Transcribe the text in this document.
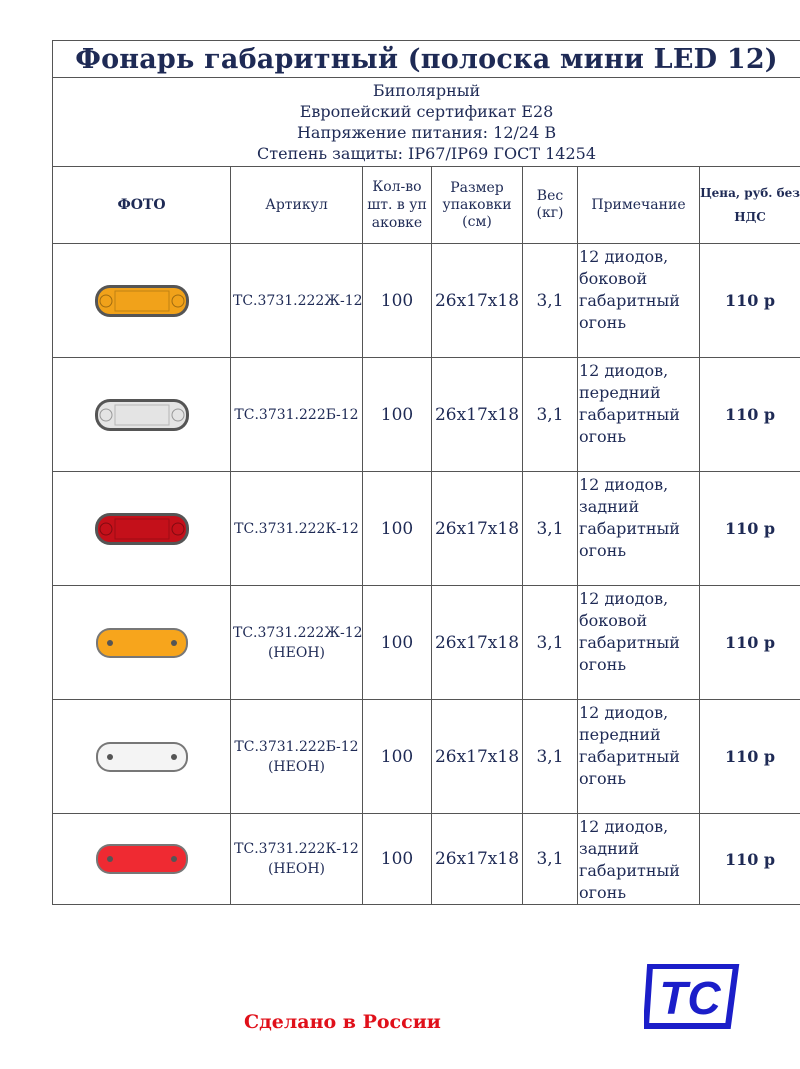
Фонарь габаритный (полоска мини LED 12)						

Биполярный
Европейский сертификат Е28
Напряжение питания: 12/24 В
Степень защиты: IP67/IP69 ГОСТ 14254						

ФОТО	Артикул	Кол-во шт. в упаковке	Размер упаковки (см)	Вес (кг)	Примечание	Цена, руб. без НДС

	ТС.3731.222Ж-12	100	26x17x18	3,1	12 диодов, боковой габаритный огонь	110 р

	ТС.3731.222Б-12	100	26x17x18	3,1	12 диодов, передний габаритный огонь	110 р

	ТС.3731.222К-12	100	26x17x18	3,1	12 диодов, задний габаритный огонь	110 р

	ТС.3731.222Ж-12 (НЕОН)	100	26x17x18	3,1	12 диодов, боковой габаритный огонь	110 р

	ТС.3731.222Б-12 (НЕОН)	100	26x17x18	3,1	12 диодов, передний габаритный огонь	110 р

	ТС.3731.222К-12 (НЕОН)	100	26x17x18	3,1	12 диодов, задний габаритный огонь	110 р
Сделано в России	TC
